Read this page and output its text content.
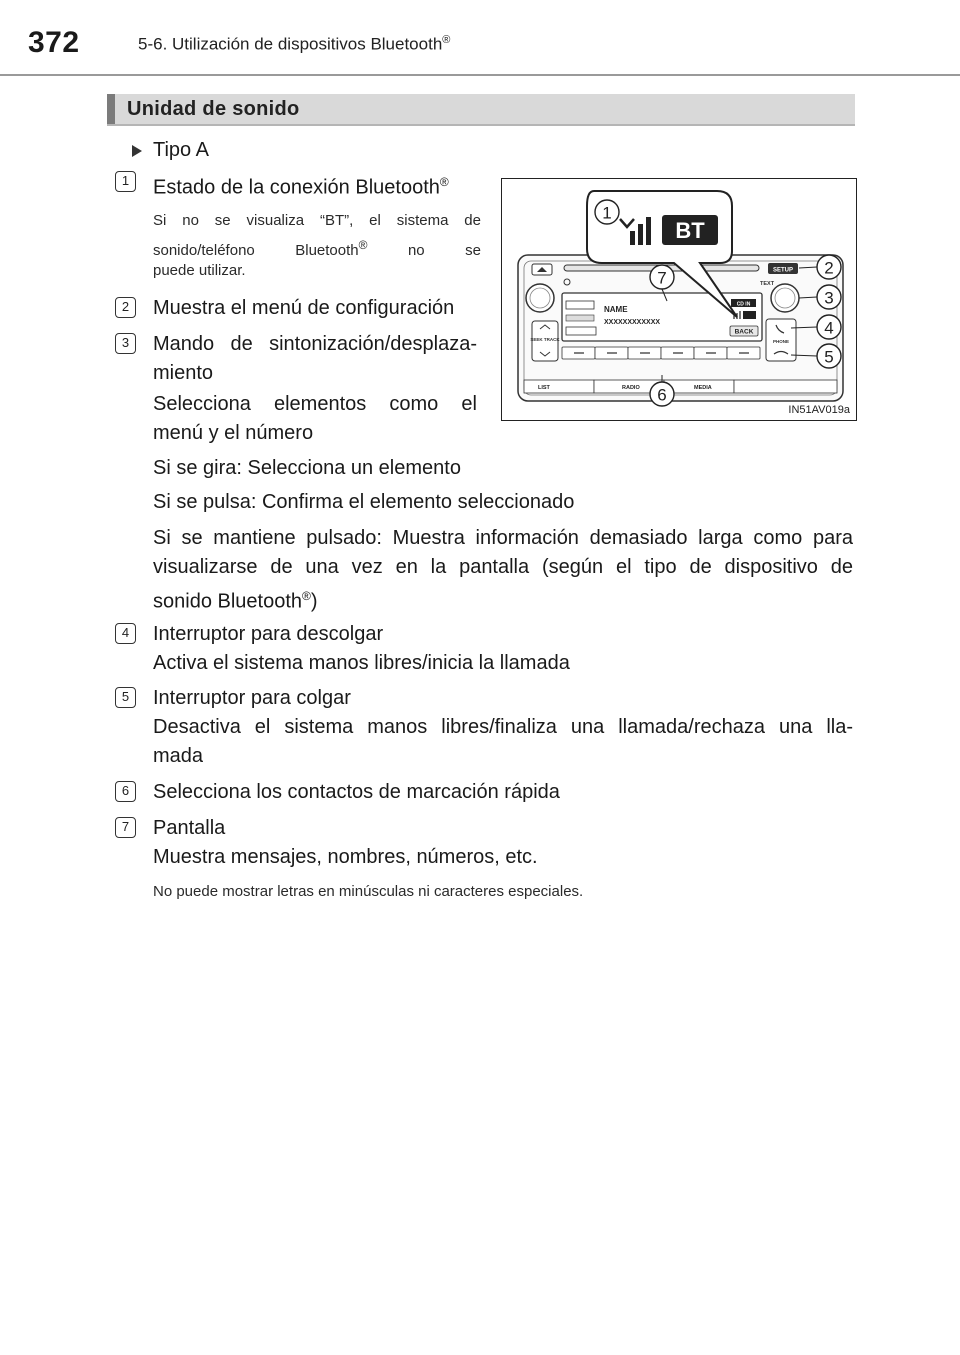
372	5-6. Utilización de dispositivos Bluetooth®
Unidad de sonido
Tipo A
1	Estado de la conexión Bluetooth®
Si no se visualiza “BT”, el sistema de
sonido/teléfono Bluetooth®	no se
puede utilizar.
2	Muestra el menú de configuración
3	Mando de sintonización/desplaza-
miento
Selecciona elementos como el
menú y el número
Si se gira: Selecciona un elemento
Si se pulsa: Confirma el elemento seleccionado
Si se mantiene pulsado: Muestra información demasiado larga como para
visualizarse de una vez en la pantalla (según el tipo de dispositivo de
sonido Bluetooth®)
4	Interruptor para descolgar
Activa el sistema manos libres/inicia la llamada
5	Interruptor para colgar
Desactiva el sistema manos libres/finaliza una llamada/rechaza una lla-
mada
6	Selecciona los contactos de marcación rápida
7	Pantalla
Muestra mensajes, nombres, números, etc.
No puede mostrar letras en minúsculas ni caracteres especiales.
SETUP
TEXT
SEEK TRACK
NAME
XXXXXXXXXXXX
CD IN
BACK
PHONE
LIST	RADIO	MEDIA
BT
1
2
3
4
5
6
7
IN51AV019a
